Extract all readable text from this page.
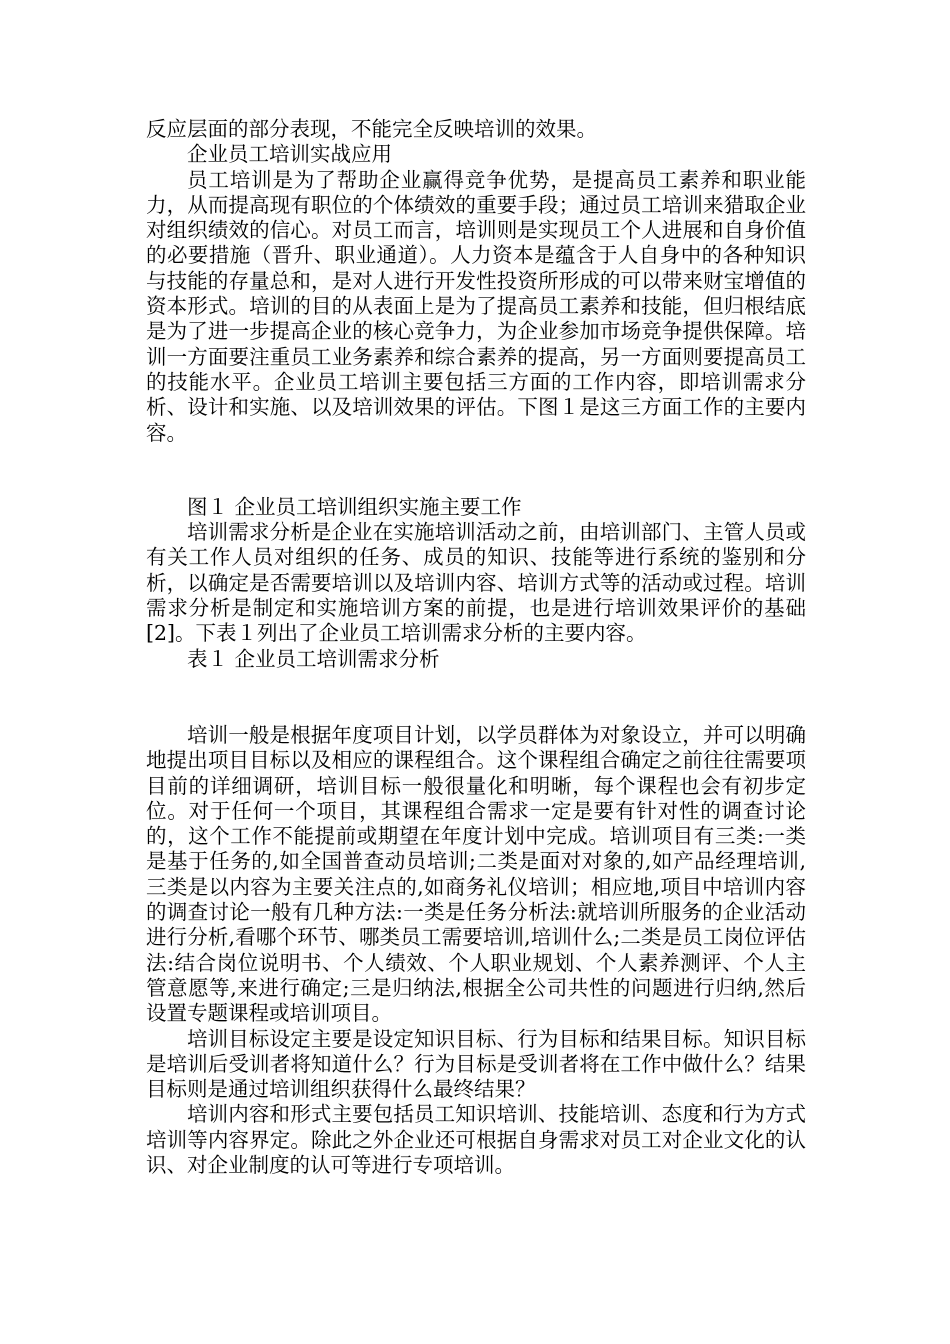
反应层面的部分表现，不能完全反映培训的效果。

企业员工培训实战应用

员工培训是为了帮助企业赢得竞争优势，是提高员工素养和职业能力，从而提高现有职位的个体绩效的重要手段；通过员工培训来猎取企业对组织绩效的信心。对员工而言，培训则是实现员工个人进展和自身价值的必要措施（晋升、职业通道）。人力资本是蕴含于人自身中的各种知识与技能的存量总和，是对人进行开发性投资所形成的可以带来财宝增值的资本形式。培训的目的从表面上是为了提高员工素养和技能，但归根结底是为了进一步提高企业的核心竞争力，为企业参加市场竞争提供保障。培训一方面要注重员工业务素养和综合素养的提高，另一方面则要提高员工的技能水平。企业员工培训主要包括三方面的工作内容，即培训需求分析、设计和实施、以及培训效果的评估。下图１是这三方面工作的主要内容。

图１ 企业员工培训组织实施主要工作

培训需求分析是企业在实施培训活动之前，由培训部门、主管人员或有关工作人员对组织的任务、成员的知识、技能等进行系统的鉴别和分析，以确定是否需要培训以及培训内容、培训方式等的活动或过程。培训需求分析是制定和实施培训方案的前提，也是进行培训效果评价的基础[2]。下表１列出了企业员工培训需求分析的主要内容。

表１ 企业员工培训需求分析

培训一般是根据年度项目计划，以学员群体为对象设立，并可以明确地提出项目目标以及相应的课程组合。这个课程组合确定之前往往需要项目前的详细调研，培训目标一般很量化和明晰，每个课程也会有初步定位。对于任何一个项目，其课程组合需求一定是要有针对性的调查讨论的，这个工作不能提前或期望在年度计划中完成。培训项目有三类:一类是基于任务的,如全国普查动员培训;二类是面对对象的,如产品经理培训,三类是以内容为主要关注点的,如商务礼仪培训；相应地,项目中培训内容的调查讨论一般有几种方法:一类是任务分析法:就培训所服务的企业活动进行分析,看哪个环节、哪类员工需要培训,培训什么;二类是员工岗位评估法:结合岗位说明书、个人绩效、个人职业规划、个人素养测评、个人主管意愿等,来进行确定;三是归纳法,根据全公司共性的问题进行归纳,然后设置专题课程或培训项目。

培训目标设定主要是设定知识目标、行为目标和结果目标。知识目标是培训后受训者将知道什么？行为目标是受训者将在工作中做什么？结果目标则是通过培训组织获得什么最终结果？

培训内容和形式主要包括员工知识培训、技能培训、态度和行为方式培训等内容界定。除此之外企业还可根据自身需求对员工对企业文化的认识、对企业制度的认可等进行专项培训。
